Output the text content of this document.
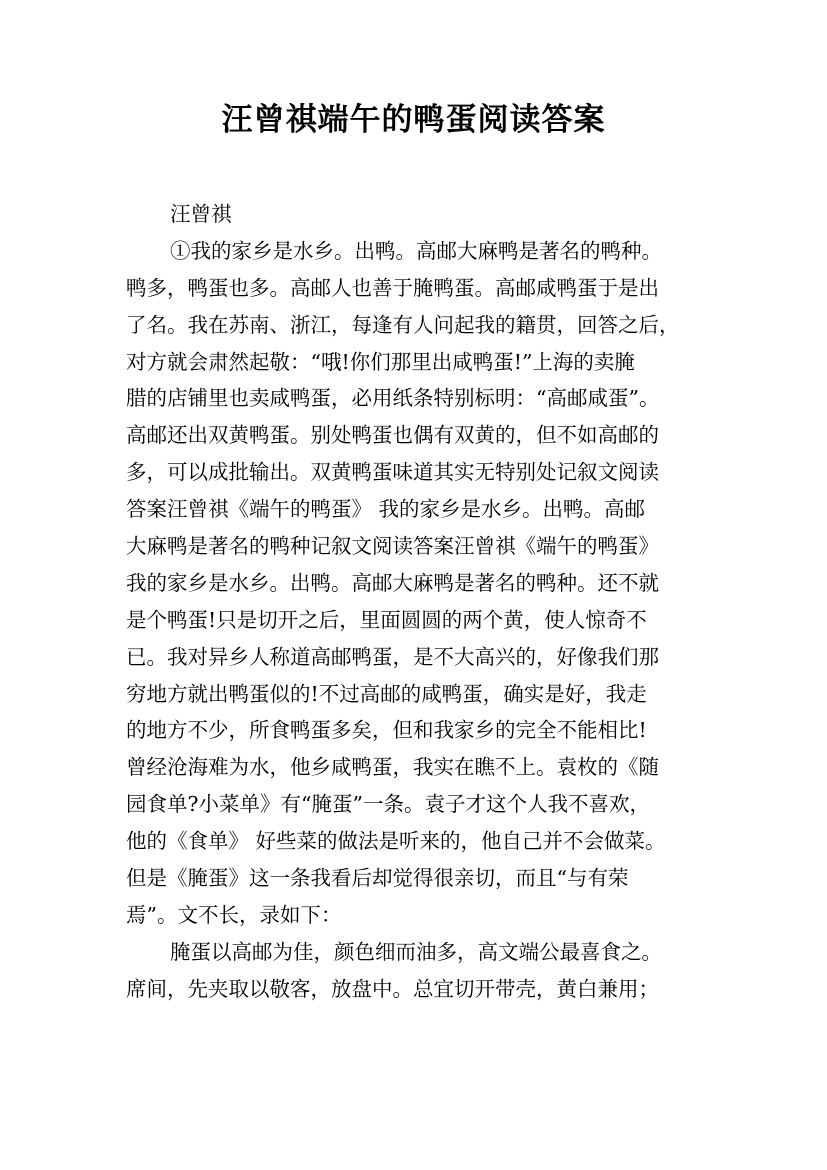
汪曾祺端午的鸭蛋阅读答案
汪曾祺
①我的家乡是水乡。出鸭。高邮大麻鸭是著名的鸭种。
鸭多，鸭蛋也多。高邮人也善于腌鸭蛋。高邮咸鸭蛋于是出
了名。我在苏南、浙江，每逢有人问起我的籍贯，回答之后，
对方就会肃然起敬：“哦!你们那里出咸鸭蛋!”上海的卖腌
腊的店铺里也卖咸鸭蛋，必用纸条特别标明：“高邮咸蛋”。
高邮还出双黄鸭蛋。别处鸭蛋也偶有双黄的，但不如高邮的
多，可以成批输出。双黄鸭蛋味道其实无特别处记叙文阅读
答案汪曾祺《端午的鸭蛋》 我的家乡是水乡。出鸭。高邮
大麻鸭是著名的鸭种记叙文阅读答案汪曾祺《端午的鸭蛋》
我的家乡是水乡。出鸭。高邮大麻鸭是著名的鸭种。还不就
是个鸭蛋!只是切开之后，里面圆圆的两个黄，使人惊奇不
已。我对异乡人称道高邮鸭蛋，是不大高兴的，好像我们那
穷地方就出鸭蛋似的!不过高邮的咸鸭蛋，确实是好，我走
的地方不少，所食鸭蛋多矣，但和我家乡的完全不能相比!
曾经沧海难为水，他乡咸鸭蛋，我实在瞧不上。袁枚的《随
园食单?小菜单》有“腌蛋”一条。袁子才这个人我不喜欢，
他的《食单》 好些菜的做法是听来的，他自己并不会做菜。
但是《腌蛋》这一条我看后却觉得很亲切，而且“与有荣
焉”。文不长，录如下：
腌蛋以高邮为佳，颜色细而油多，高文端公最喜食之。
席间，先夹取以敬客，放盘中。总宜切开带壳，黄白兼用；
